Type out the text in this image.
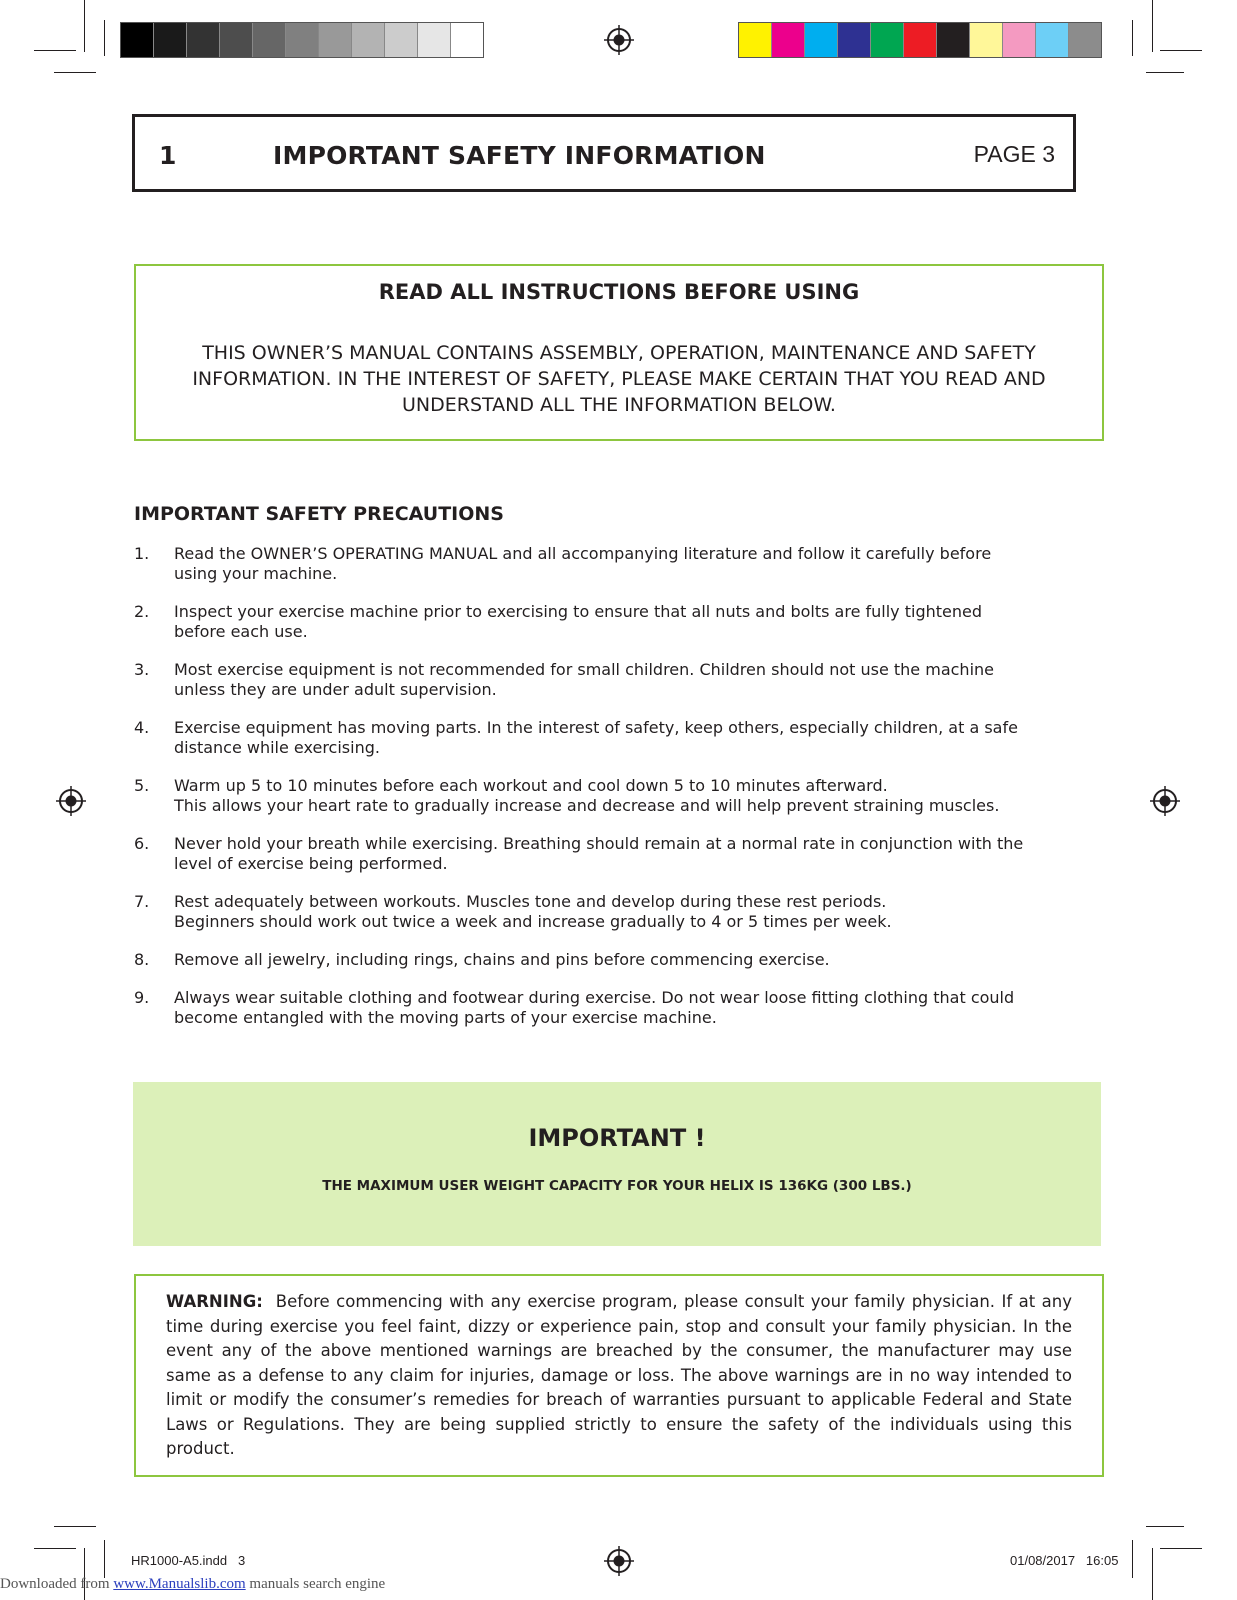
1	IMPORTANT SAFETY INFORMATION	PAGE 3
READ ALL INSTRUCTIONS BEFORE USING
THIS OWNER’S MANUAL CONTAINS ASSEMBLY, OPERATION, MAINTENANCE AND SAFETY
INFORMATION. IN THE INTEREST OF SAFETY, PLEASE MAKE CERTAIN THAT YOU READ AND
UNDERSTAND ALL THE INFORMATION BELOW.
IMPORTANT SAFETY PRECAUTIONS
1. Read the OWNER’S OPERATING MANUAL and all accompanying literature and follow it carefully before
using your machine.
2. Inspect your exercise machine prior to exercising to ensure that all nuts and bolts are fully tightened
before each use.
3. Most exercise equipment is not recommended for small children. Children should not use the machine
unless they are under adult supervision.
4. Exercise equipment has moving parts. In the interest of safety, keep others, especially children, at a safe
distance while exercising.
5. Warm up 5 to 10 minutes before each workout and cool down 5 to 10 minutes afterward.
This allows your heart rate to gradually increase and decrease and will help prevent straining muscles.
6. Never hold your breath while exercising. Breathing should remain at a normal rate in conjunction with the
level of exercise being performed.
7. Rest adequately between workouts. Muscles tone and develop during these rest periods.
Beginners should work out twice a week and increase gradually to 4 or 5 times per week.
8. Remove all jewelry, including rings, chains and pins before commencing exercise.
9. Always wear suitable clothing and footwear during exercise. Do not wear loose fitting clothing that could
become entangled with the moving parts of your exercise machine.
IMPORTANT !
THE MAXIMUM USER WEIGHT CAPACITY FOR YOUR HELIX IS 136KG (300 LBS.)
WARNING: Before commencing with any exercise program, please consult your family physician. If at any time during exercise you feel faint, dizzy or experience pain, stop and consult your family physician. In the event any of the above mentioned warnings are breached by the consumer, the manufacturer may use same as a defense to any claim for injuries, damage or loss. The above warnings are in no way intended to limit or modify the consumer’s remedies for breach of warranties pursuant to applicable Federal and State Laws or Regulations. They are being supplied strictly to ensure the safety of the individuals using this product.
HR1000-A5.indd   3	01/08/2017   16:05
Downloaded from www.Manualslib.com manuals search engine
